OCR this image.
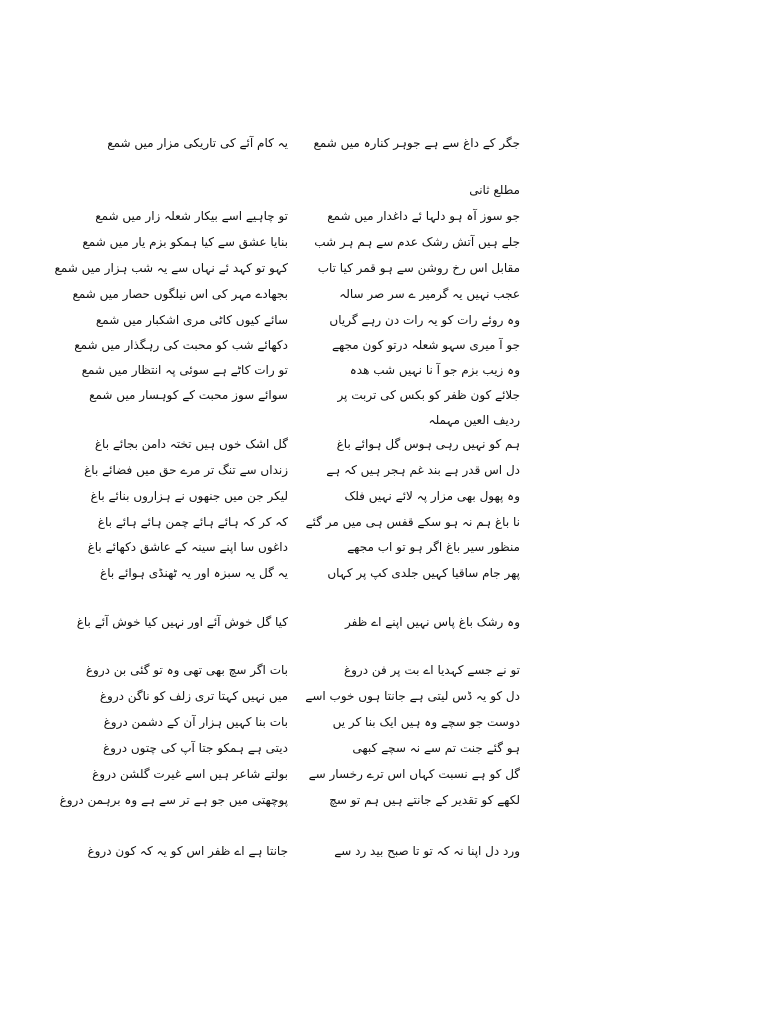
جگر کے داغ سے ہے جوہر کنارہ میں شمع
یہ کام آئے کی تاریکی مزار میں شمع
مطلع ثانی
جو سوز آہ ہو دلہا ئے داغدار میں شمع
تو چاہیے اسے بیکار شعلہ زار میں شمع
جلے ہیں آتش رشک عدم سے ہم ہر شب
بنایا عشق سے کیا ہمکو بزم یار میں شمع
مقابل اس رخ روشن سے ہو قمر کیا تاب
کہو تو کہد ئے نہاں سے یہ شب ہزار میں شمع
عجب نہیں یہ گرمیر ے سر صر سالہ
بجھادے مہر کی اس نیلگوں حصار میں شمع
وہ روئے رات کو یہ رات دن رہے گریاں
سائے کیوں کاٹی مری اشکبار میں شمع
جو آ میری سہو شعلہ درتو کون مجھے
دکھائے شب کو محبت کی رہگذار میں شمع
وہ زیب بزم جو آ نا نہیں شب ھدہ
تو رات کاٹے ہے سوئی پہ انتظار میں شمع
جلائے کون ظفر کو بکس کی تربت پر
سوائے سوز محبت کے کوہسار میں شمع
ردیف العین مہملہ
ہم کو نہیں رہی ہوس گل ہوائے باغ
گل اشک خوں ہیں تختہ دامن بجائے باغ
دل اس قدر ہے بند غم ہجر ہیں کہ ہے
زنداں سے تنگ تر مرے حق میں فضائے باغ
وہ پھول بھی مزار پہ لائے نہیں فلک
لیکر جن میں جنھوں نے ہزاروں بنائے باغ
نا باغ ہم نہ ہو سکے قفس ہی میں مر گئے
کہ کر کہ ہائے ہائے چمن ہائے ہائے باغ
منظور سیر باغ اگر ہو تو اب مجھے
داغوں سا اپنے سینہ کے عاشق دکھائے باغ
پھر جام ساقیا کہیں جلدی کپ پر کہاں
یہ گل یہ سبزہ اور یہ ٹھنڈی ہوائے باغ
وہ رشک باغ پاس نہیں اپنے اے ظفر
کیا گل خوش آئے اور نہیں کیا خوش آئے باغ
تو نے جسے کہدیا اے بت پر فن دروغ
بات اگر سچ بھی تھی وہ تو گئی بن دروغ
دل کو یہ ڈس لیتی ہے جانتا ہوں خوب اسے
میں نہیں کہتا تری زلف کو ناگن دروغ
دوست جو سچے وہ ہیں ایک بنا کر یں
بات بنا کہیں ہزار آن کے دشمن دروغ
ہو گئے جنت تم سے نہ سچے کبھی
دیتی ہے ہمکو جتا آپ کی چتوں دروغ
گل کو ہے نسبت کہاں اس ترے رخسار سے
بولتے شاعر ہیں اسے غیرت گلشن دروغ
لکھے کو تقدیر کے جانتے ہیں ہم تو سچ
پوچھتی میں جو ہے تر سے ہے وہ برہمن دروغ
ورد دل اپنا نہ کہ تو تا صبح بید رد سے
جانتا ہے اے ظفر اس کو یہ کہ کون دروغ
